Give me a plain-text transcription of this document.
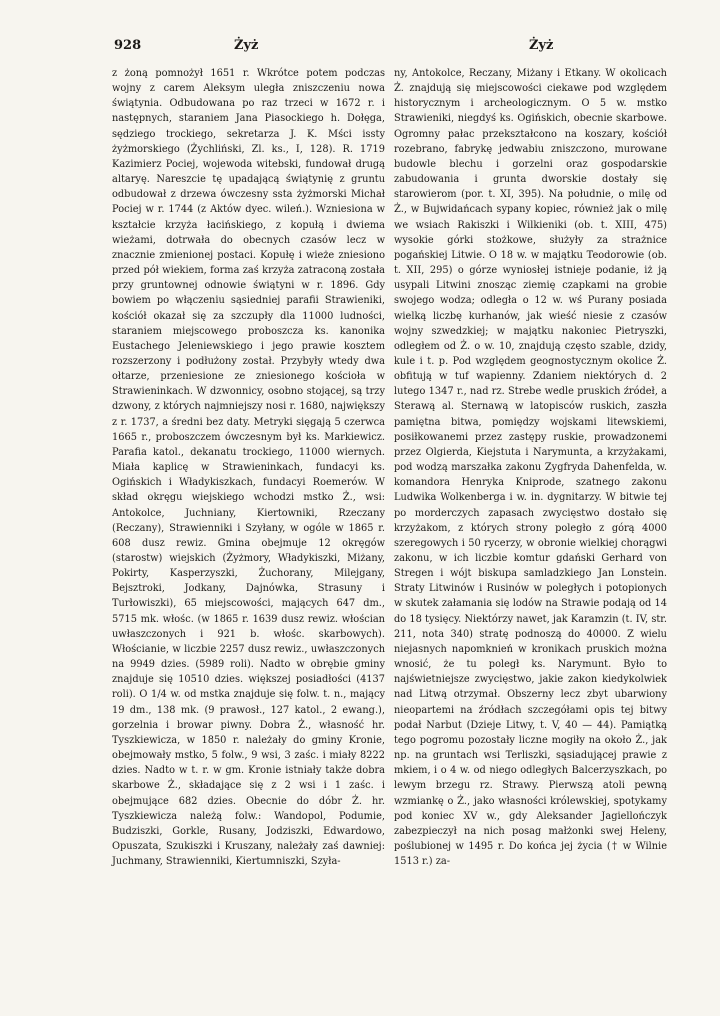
928	Żyż	Żyż

z żoną pomnożył 1651 r. Wkrótce potem podczas wojny z carem Aleksym uległa zniszczeniu nowa świątynia. Odbudowana po raz trzeci w 1672 r. i następnych, staraniem Jana Piasockiego h. Dołęga, sędziego trockiego, sekretarza J. K. Mści issty żyżmorskiego (Żychliński, Zl. ks., I, 128). R. 1719 Kazimierz Pociej, wojewoda witebski, fundował drugą altaryę. Nareszcie tę upadającą świątynię z gruntu odbudował z drzewa ówczesny ssta żyżmorski Michał Pociej w r. 1744 (z Aktów dyec. wileń.). Wzniesiona w kształcie krzyża łacińskiego, z kopułą i dwiema wieżami, dotrwała do obecnych czasów lecz w znacznie zmienionej postaci. Kopułę i wieże zniesiono przed pół wiekiem, forma zaś krzyża zatraconą została przy gruntownej odnowie świątyni w r. 1896. Gdy bowiem po włączeniu sąsiedniej parafii Strawieniki, kościół okazał się za szczupły dla 11000 ludności, staraniem miejscowego proboszcza ks. kanonika Eustachego Jeleniewskiego i jego prawie kosztem rozszerzony i podłużony został. Przybyły wtedy dwa ołtarze, przeniesione ze zniesionego kościoła w Strawieninkach. W dzwonnicy, osobno stojącej, są trzy dzwony, z których najmniejszy nosi r. 1680, największy z r. 1737, a średni bez daty. Metryki sięgają 5 czerwca 1665 r., proboszczem ówczesnym był ks. Markiewicz. Parafia katol., dekanatu trockiego, 11000 wiernych. Miała kaplicę w Strawieninkach, fundacyi ks. Ogińskich i Władykiszkach, fundacyi Roemerów. W skład okręgu wiejskiego wchodzi mstko Ż., wsi: Antokolce, Juchniany, Kiertowniki, Rzeczany (Reczany), Strawienniki i Szyłany, w ogóle w 1865 r. 608 dusz rewiz. Gmina obejmuje 12 okręgów (starostw) wiejskich (Żyżmory, Władykiszki, Miżany, Pokirty, Kasperzyszki, Żuchorany, Milejgany, Bejsztroki, Jodkany, Dajnówka, Strasuny i Turłowiszki), 65 miejscowości, mających 647 dm., 5715 mk. włośc. (w 1865 r. 1639 dusz rewiz. włościan uwłaszczonych i 921 b. włośc. skarbowych). Włościanie, w liczbie 2257 dusz rewiz., uwłaszczonych na 9949 dzies. (5989 roli). Nadto w obrębie gminy znajduje się 10510 dzies. większej posiadłości (4137 roli). O 1/4 w. od mstka znajduje się folw. t. n., mający 19 dm., 138 mk. (9 prawosł., 127 katol., 2 ewang.), gorzelnia i browar piwny. Dobra Ż., własność hr. Tyszkiewicza, w 1850 r. należały do gminy Kronie, obejmowały mstko, 5 folw., 9 wsi, 3 zaśc. i miały 8222 dzies. Nadto w t. r. w gm. Kronie istniały także dobra skarbowe Ż., składające się z 2 wsi i 1 zaśc. i obejmujące 682 dzies. Obecnie do dóbr Ż. hr. Tyszkiewicza należą folw.: Wandopol, Podumie, Budziszki, Gorkle, Rusany, Jodziszki, Edwardowo, Opuszata, Szukiszki i Kruszany, należały zaś dawniej: Juchmany, Strawienniki, Kiertumniszki, Szyła-

ny, Antokolce, Reczany, Miżany i Etkany. W okolicach Ż. znajdują się miejscowości ciekawe pod względem historycznym i archeologicznym. O 5 w. mstko Strawieniki, niegdyś ks. Ogińskich, obecnie skarbowe. Ogromny pałac przekształcono na koszary, kościół rozebrano, fabrykę jedwabiu zniszczono, murowane budowle blechu i gorzelni oraz gospodarskie zabudowania i grunta dworskie dostały się starowierom (por. t. XI, 395). Na południe, o milę od Ż., w Bujwidańcach sypany kopiec, również jak o milę we wsiach Rakiszki i Wilkieniki (ob. t. XIII, 475) wysokie górki stożkowe, służyły za strażnice pogańskiej Litwie. O 18 w. w majątku Teodorowie (ob. t. XII, 295) o górze wyniosłej istnieje podanie, iż ją usypali Litwini znosząc ziemię czapkami na grobie swojego wodza; odległa o 12 w. wś Purany posiada wielką liczbę kurhanów, jak wieść niesie z czasów wojny szwedzkiej; w majątku nakoniec Pietryszki, odległem od Ż. o w. 10, znajdują często szable, dzidy, kule i t. p. Pod względem geognostycznym okolice Ż. obfitują w tuf wapienny. Zdaniem niektórych d. 2 lutego 1347 r., nad rz. Strebe wedle pruskich źródeł, a Sterawą al. Sternawą w latopisców ruskich, zaszła pamiętna bitwa, pomiędzy wojskami litewskiemi, posiłkowanemi przez zastępy ruskie, prowadzonemi przez Olgierda, Kiejstuta i Narymunta, a krzyżakami, pod wodzą marszałka zakonu Zygfryda Dahenfelda, w. komandora Henryka Kniprode, szatnego zakonu Ludwika Wolkenberga i w. in. dygnitarzy. W bitwie tej po morderczych zapasach zwycięstwo dostało się krzyżakom, z których strony poległo z górą 4000 szeregowych i 50 rycerzy, w obronie wielkiej chorągwi zakonu, w ich liczbie komtur gdański Gerhard von Stregen i wójt biskupa samladzkiego Jan Lonstein. Straty Litwinów i Rusinów w poległych i potopionych w skutek załamania się lodów na Strawie podają od 14 do 18 tysięcy. Niektórzy nawet, jak Karamzin (t. IV, str. 211, nota 340) stratę podnoszą do 40000. Z wielu niejasnych napomknień w kronikach pruskich można wnosić, że tu poległ ks. Narymunt. Było to najświetniejsze zwycięstwo, jakie zakon kiedykolwiek nad Litwą otrzymał. Obszerny lecz zbyt ubarwiony nieopartemi na źródłach szczegółami opis tej bitwy podał Narbut (Dzieje Litwy, t. V, 40 — 44). Pamiątką tego pogromu pozostały liczne mogiły na około Ż., jak np. na gruntach wsi Terliszki, sąsiadującej prawie z mkiem, i o 4 w. od niego odległych Balcerzyszkach, po lewym brzegu rz. Strawy. Pierwszą atoli pewną wzmiankę o Ż., jako własności królewskiej, spotykamy pod koniec XV w., gdy Aleksander Jagiellończyk zabezpieczył na nich posag małżonki swej Heleny, poślubionej w 1495 r. Do końca jej życia († w Wilnie 1513 r.) za-
